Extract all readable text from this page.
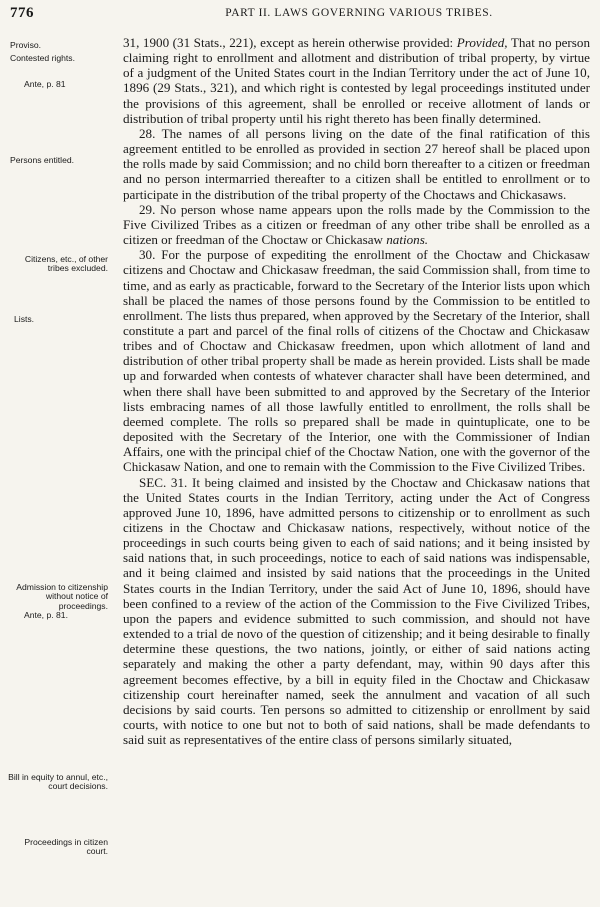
776	PART II. LAWS GOVERNING VARIOUS TRIBES.
Proviso.
Contested rights.
Ante, p. 81
Persons entitled.
Citizens, etc., of other tribes excluded.
Lists.
Admission to citizenship without notice of proceedings.
Ante, p. 81.
Bill in equity to annul, etc., court decisions.
Proceedings in citizen court.

31, 1900 (31 Stats., 221), except as herein otherwise provided: Provided, That no person claiming right to enrollment and allotment and distribution of tribal property, by virtue of a judgment of the United States court in the Indian Territory under the act of June 10, 1896 (29 Stats., 321), and which right is contested by legal proceedings instituted under the provisions of this agreement, shall be enrolled or receive allotment of lands or distribution of tribal property until his right thereto has been finally determined.

28. The names of all persons living on the date of the final ratification of this agreement entitled to be enrolled as provided in section 27 hereof shall be placed upon the rolls made by said Commission; and no child born thereafter to a citizen or freedman and no person intermarried thereafter to a citizen shall be entitled to enrollment or to participate in the distribution of the tribal property of the Choctaws and Chickasaws.

29. No person whose name appears upon the rolls made by the Commission to the Five Civilized Tribes as a citizen or freedman of any other tribe shall be enrolled as a citizen or freedman of the Choctaw or Chickasaw nations.

30. For the purpose of expediting the enrollment of the Choctaw and Chickasaw citizens and Choctaw and Chickasaw freedman, the said Commission shall, from time to time, and as early as practicable, forward to the Secretary of the Interior lists upon which shall be placed the names of those persons found by the Commission to be entitled to enrollment. The lists thus prepared, when approved by the Secretary of the Interior, shall constitute a part and parcel of the final rolls of citizens of the Choctaw and Chickasaw tribes and of Choctaw and Chickasaw freedmen, upon which allotment of land and distribution of other tribal property shall be made as herein provided. Lists shall be made up and forwarded when contests of whatever character shall have been determined, and when there shall have been submitted to and approved by the Secretary of the Interior lists embracing names of all those lawfully entitled to enrollment, the rolls shall be deemed complete. The rolls so prepared shall be made in quintuplicate, one to be deposited with the Secretary of the Interior, one with the Commissioner of Indian Affairs, one with the principal chief of the Choctaw Nation, one with the governor of the Chickasaw Nation, and one to remain with the Commission to the Five Civilized Tribes.

SEC. 31. It being claimed and insisted by the Choctaw and Chickasaw nations that the United States courts in the Indian Territory, acting under the Act of Congress approved June 10, 1896, have admitted persons to citizenship or to enrollment as such citizens in the Choctaw and Chickasaw nations, respectively, without notice of the proceedings in such courts being given to each of said nations; and it being insisted by said nations that, in such proceedings, notice to each of said nations was indispensable, and it being claimed and insisted by said nations that the proceedings in the United States courts in the Indian Territory, under the said Act of June 10, 1896, should have been confined to a review of the action of the Commission to the Five Civilized Tribes, upon the papers and evidence submitted to such commission, and should not have extended to a trial de novo of the question of citizenship; and it being desirable to finally determine these questions, the two nations, jointly, or either of said nations acting separately and making the other a party defendant, may, within 90 days after this agreement becomes effective, by a bill in equity filed in the Choctaw and Chickasaw citizenship court hereinafter named, seek the annulment and vacation of all such decisions by said courts. Ten persons so admitted to citizenship or enrollment by said courts, with notice to one but not to both of said nations, shall be made defendants to said suit as representatives of the entire class of persons similarly situated,
